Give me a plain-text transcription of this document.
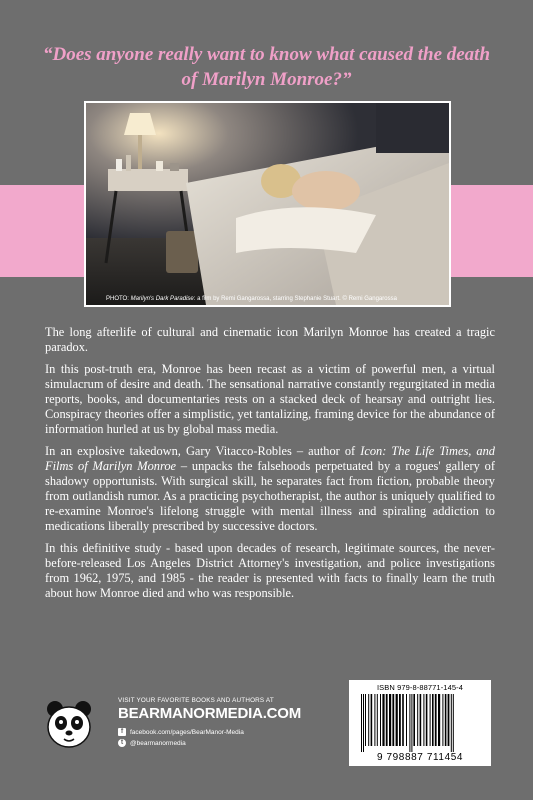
“Does anyone really want to know what caused the death of Marilyn Monroe?”
PHOTO: Marilyn's Dark Paradise: a film by Remi Gangarossa, starring Stephanie Stuart. © Remi Gangarossa

The long afterlife of cultural and cinematic icon Marilyn Monroe has created a tragic paradox.

In this post-truth era, Monroe has been recast as a victim of powerful men, a virtual simulacrum of desire and death. The sensational narrative constantly regurgitated in media reports, books, and documentaries rests on a stacked deck of hearsay and outright lies. Conspiracy theories offer a simplistic, yet tantalizing, framing device for the abundance of information hurled at us by global mass media.

In an explosive takedown, Gary Vitacco-Robles – author of Icon: The Life Times, and Films of Marilyn Monroe – unpacks the falsehoods perpetuated by a rogues' gallery of shadowy opportunists. With surgical skill, he separates fact from fiction, probable theory from outlandish rumor. As a practicing psychotherapist, the author is uniquely qualified to re-examine Monroe's lifelong struggle with mental illness and spiraling addiction to medications liberally prescribed by successive doctors.

In this definitive study - based upon decades of research, legitimate sources, the never-before-released Los Angeles District Attorney's investigation, and police investigations from 1962, 1975, and 1985 - the reader is presented with facts to finally learn the truth about how Monroe died and who was responsible.

VISIT YOUR FAVORITE BOOKS AND AUTHORS AT
BEARMANORMEDIA.COM
f	facebook.com/pages/BearManor-Media
t	@bearmanormedia
ISBN 979-8-88771-145-4
9 798887 711454
